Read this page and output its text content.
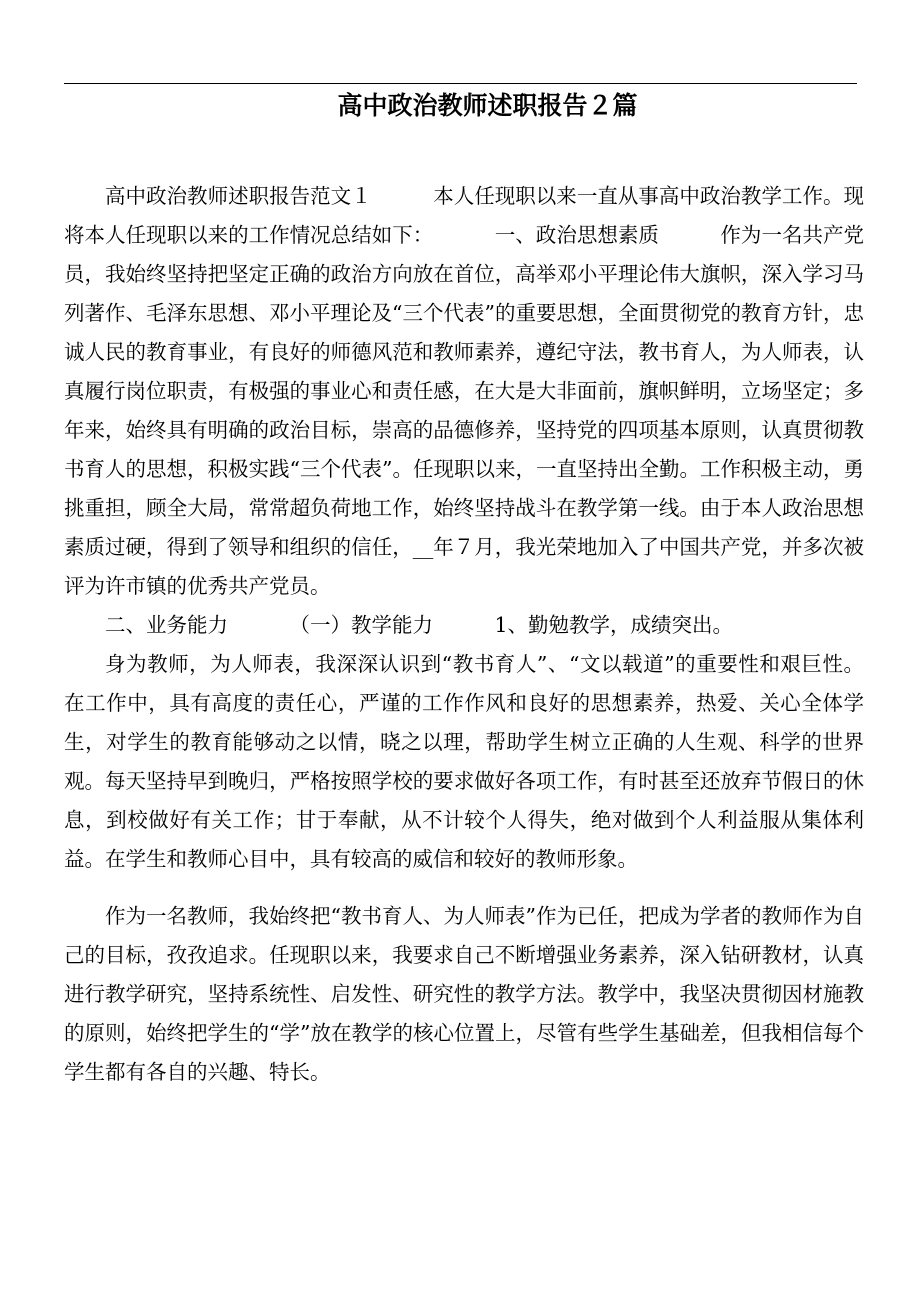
高中政治教师述职报告２篇

高中政治教师述职报告范文１	本人任现职以来一直从事高中政治教学工作。现将本人任现职以来的工作情况总结如下：	一、政治思想素质	作为一名共产党员，我始终坚持把坚定正确的政治方向放在首位，高举邓小平理论伟大旗帜，深入学习马列著作、毛泽东思想、邓小平理论及“三个代表”的重要思想，全面贯彻党的教育方针，忠诚人民的教育事业，有良好的师德风范和教师素养，遵纪守法，教书育人，为人师表，认真履行岗位职责，有极强的事业心和责任感，在大是大非面前，旗帜鲜明，立场坚定；多年来，始终具有明确的政治目标，崇高的品德修养，坚持党的四项基本原则，认真贯彻教书育人的思想，积极实践“三个代表”。任现职以来，一直坚持出全勤。工作积极主动，勇挑重担，顾全大局，常常超负荷地工作，始终坚持战斗在教学第一线。由于本人政治思想素质过硬，得到了领导和组织的信任，__年７月，我光荣地加入了中国共产党，并多次被评为许市镇的优秀共产党员。

二、业务能力	（一）教学能力	1、勤勉教学，成绩突出。

身为教师，为人师表，我深深认识到“教书育人”、“文以载道”的重要性和艰巨性。在工作中，具有高度的责任心，严谨的工作作风和良好的思想素养，热爱、关心全体学生，对学生的教育能够动之以情，晓之以理，帮助学生树立正确的人生观、科学的世界观。每天坚持早到晚归，严格按照学校的要求做好各项工作，有时甚至还放弃节假日的休息，到校做好有关工作；甘于奉献，从不计较个人得失，绝对做到个人利益服从集体利益。在学生和教师心目中，具有较高的威信和较好的教师形象。

作为一名教师，我始终把“教书育人、为人师表”作为已任，把成为学者的教师作为自己的目标，孜孜追求。任现职以来，我要求自己不断增强业务素养，深入钻研教材，认真进行教学研究，坚持系统性、启发性、研究性的教学方法。教学中，我坚决贯彻因材施教的原则，始终把学生的“学”放在教学的核心位置上，尽管有些学生基础差，但我相信每个学生都有各自的兴趣、特长。
